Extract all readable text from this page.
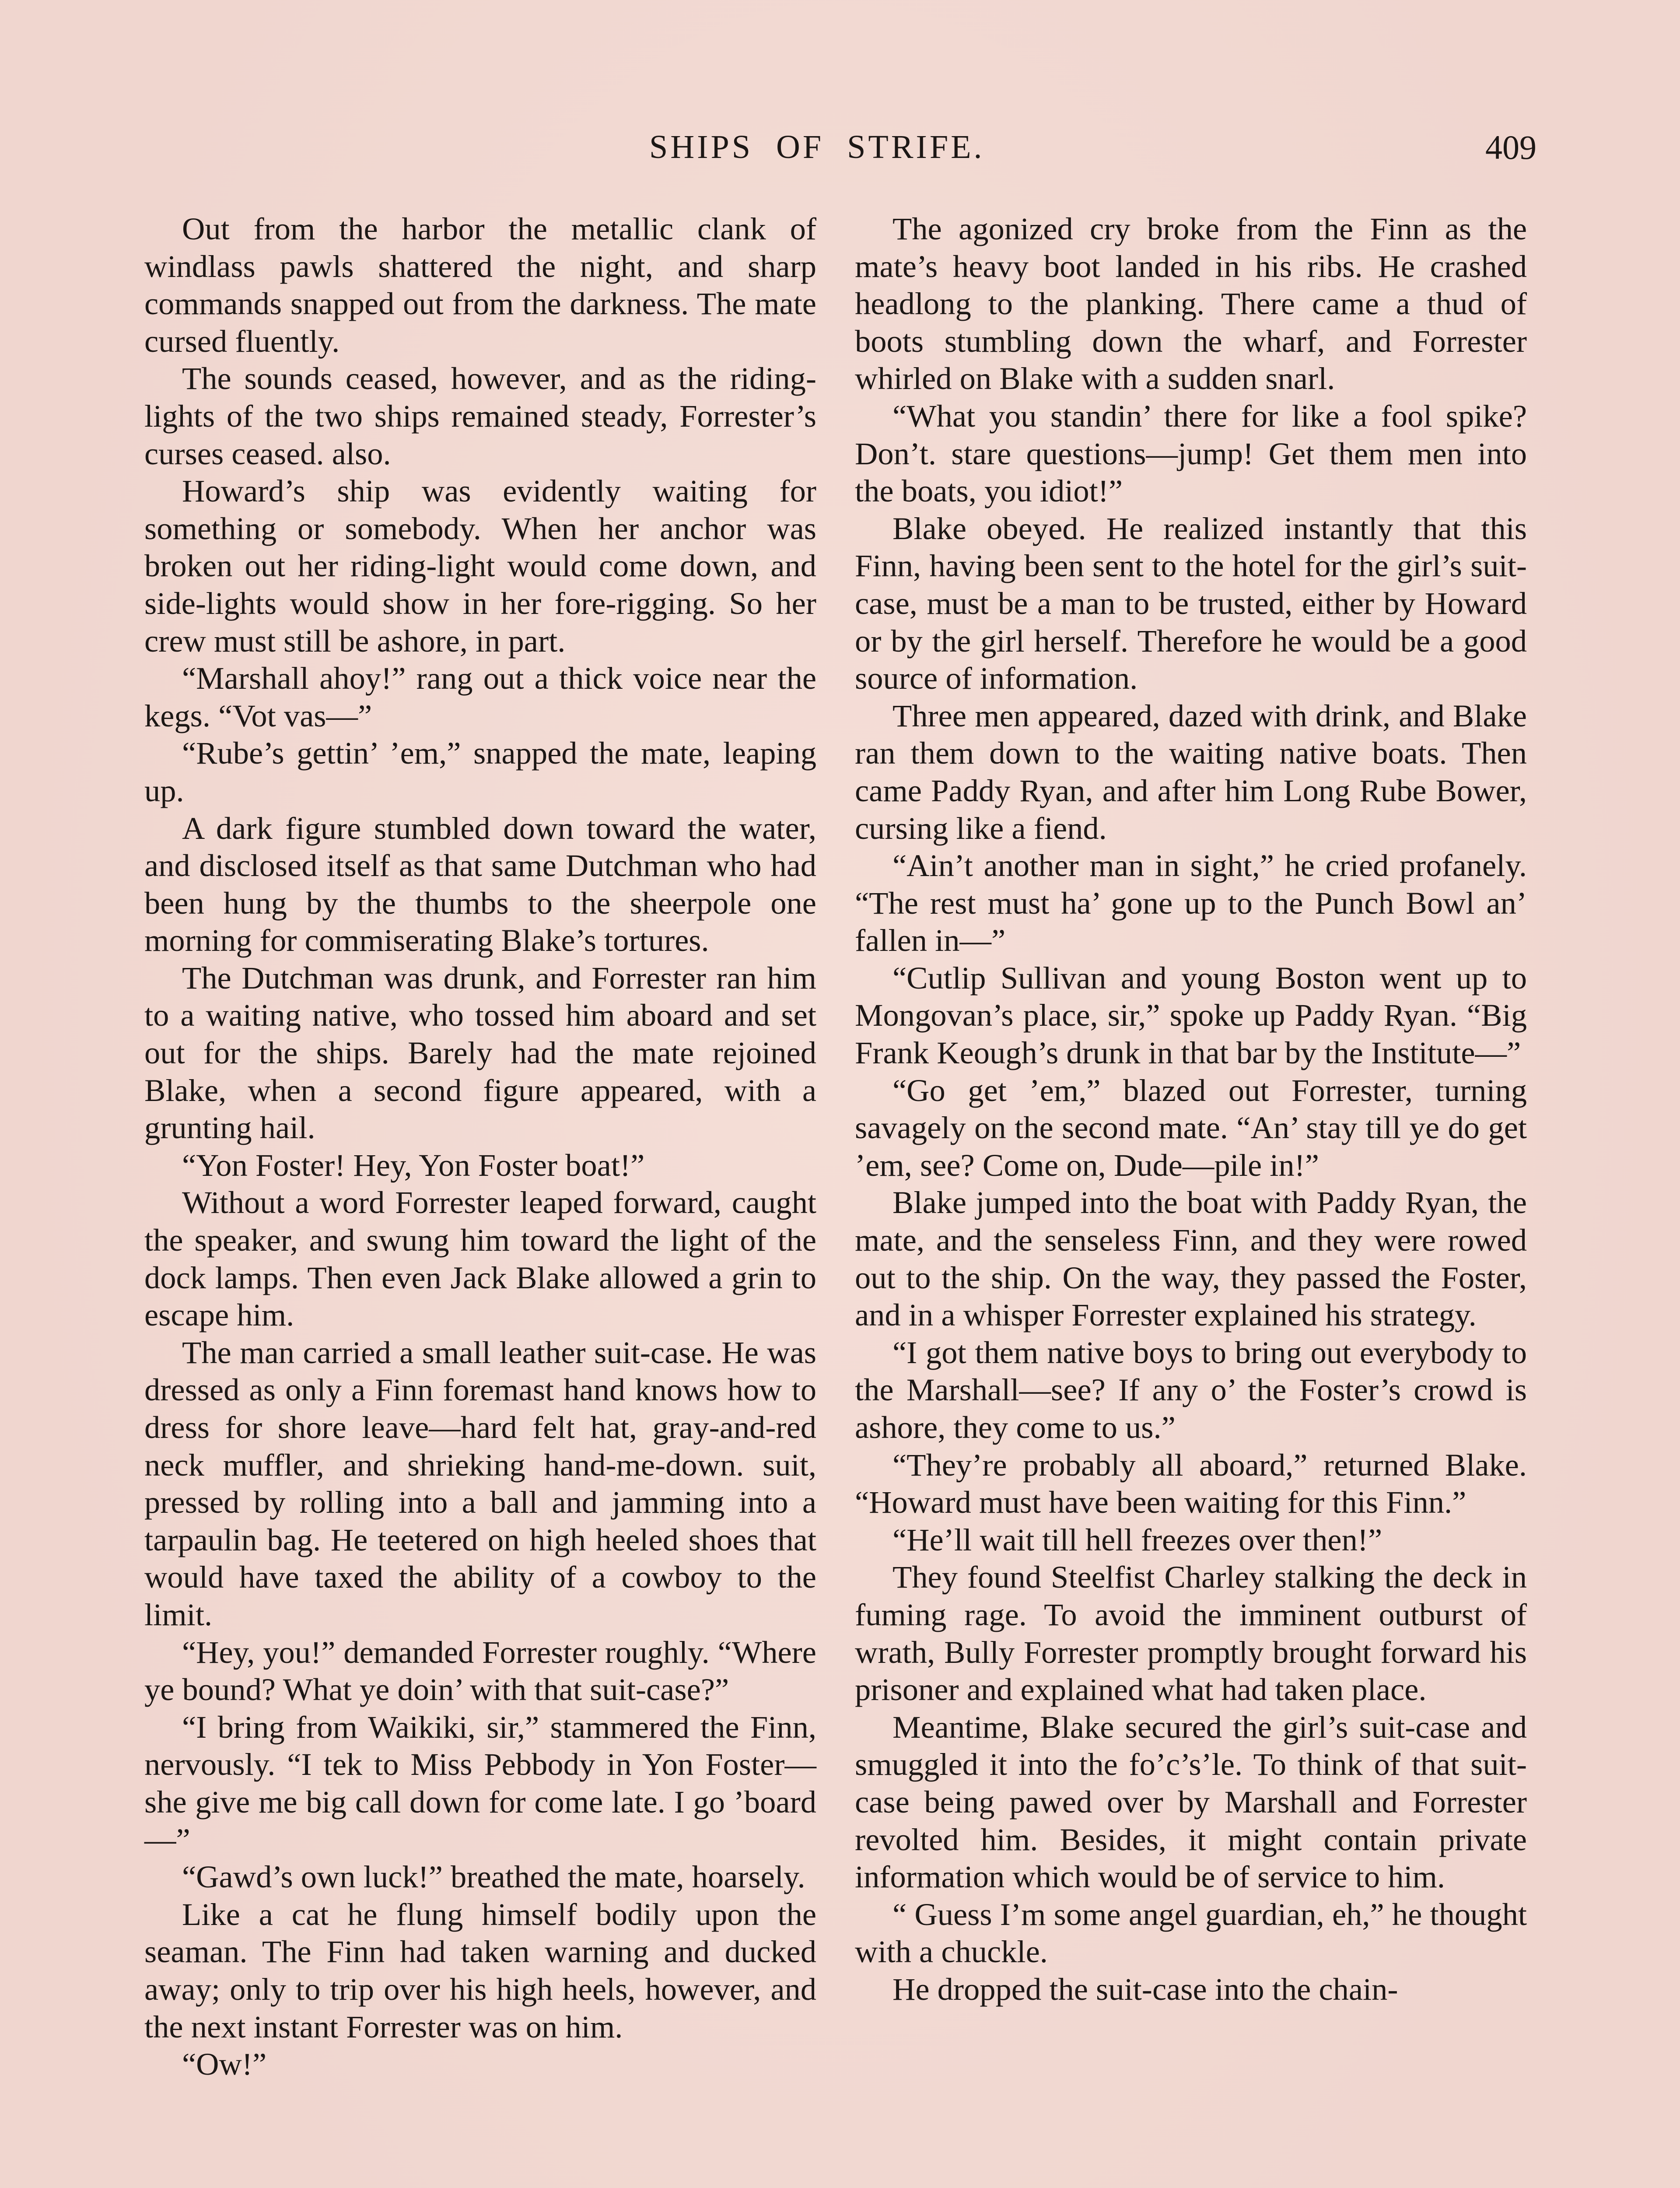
SHIPS OF STRIFE.	409

Out from the harbor the metallic clank of windlass pawls shattered the night, and sharp commands snapped out from the darkness. The mate cursed fluently.

The sounds ceased, however, and as the riding-lights of the two ships remained steady, Forrester’s curses ceased. also.

Howard’s ship was evidently waiting for something or somebody. When her anchor was broken out her riding-light would come down, and side-lights would show in her fore-rigging. So her crew must still be ashore, in part.

“Marshall ahoy!” rang out a thick voice near the kegs. “Vot vas—”

“Rube’s gettin’ ’em,” snapped the mate, leaping up.

A dark figure stumbled down toward the water, and disclosed itself as that same Dutchman who had been hung by the thumbs to the sheerpole one morning for commiserating Blake’s tortures.

The Dutchman was drunk, and Forrester ran him to a waiting native, who tossed him aboard and set out for the ships. Barely had the mate rejoined Blake, when a second figure appeared, with a grunting hail.

“Yon Foster! Hey, Yon Foster boat!”

Without a word Forrester leaped forward, caught the speaker, and swung him toward the light of the dock lamps. Then even Jack Blake allowed a grin to escape him.

The man carried a small leather suit-case. He was dressed as only a Finn foremast hand knows how to dress for shore leave—hard felt hat, gray-and-red neck muffler, and shrieking hand-me-down. suit, pressed by rolling into a ball and jamming into a tarpaulin bag. He teetered on high heeled shoes that would have taxed the ability of a cowboy to the limit.

“Hey, you!” demanded Forrester roughly. “Where ye bound? What ye doin’ with that suit-case?”

“I bring from Waikiki, sir,” stammered the Finn, nervously. “I tek to Miss Pebbody in Yon Foster—she give me big call down for come late. I go ’board—”

“Gawd’s own luck!” breathed the mate, hoarsely.

Like a cat he flung himself bodily upon the seaman. The Finn had taken warning and ducked away; only to trip over his high heels, however, and the next instant Forrester was on him.

“Ow!”

The agonized cry broke from the Finn as the mate’s heavy boot landed in his ribs. He crashed headlong to the planking. There came a thud of boots stumbling down the wharf, and Forrester whirled on Blake with a sudden snarl.

“What you standin’ there for like a fool spike? Don’t. stare questions—jump! Get them men into the boats, you idiot!”

Blake obeyed. He realized instantly that this Finn, having been sent to the hotel for the girl’s suit-case, must be a man to be trusted, either by Howard or by the girl herself. Therefore he would be a good source of information.

Three men appeared, dazed with drink, and Blake ran them down to the waiting native boats. Then came Paddy Ryan, and after him Long Rube Bower, cursing like a fiend.

“Ain’t another man in sight,” he cried profanely. “The rest must ha’ gone up to the Punch Bowl an’ fallen in—”

“Cutlip Sullivan and young Boston went up to Mongovan’s place, sir,” spoke up Paddy Ryan. “Big Frank Keough’s drunk in that bar by the Institute—”

“Go get ’em,” blazed out Forrester, turning savagely on the second mate. “An’ stay till ye do get ’em, see? Come on, Dude—pile in!”

Blake jumped into the boat with Paddy Ryan, the mate, and the senseless Finn, and they were rowed out to the ship. On the way, they passed the Foster, and in a whisper Forrester explained his strategy.

“I got them native boys to bring out everybody to the Marshall—see? If any o’ the Foster’s crowd is ashore, they come to us.”

“They’re probably all aboard,” returned Blake. “Howard must have been waiting for this Finn.”

“He’ll wait till hell freezes over then!”

They found Steelfist Charley stalking the deck in fuming rage. To avoid the imminent outburst of wrath, Bully Forrester promptly brought forward his prisoner and explained what had taken place.

Meantime, Blake secured the girl’s suit-case and smuggled it into the fo’c’s’le. To think of that suit-case being pawed over by Marshall and Forrester revolted him. Besides, it might contain private information which would be of service to him.

“ Guess I’m some angel guardian, eh,” he thought with a chuckle.

He dropped the suit-case into the chain-
